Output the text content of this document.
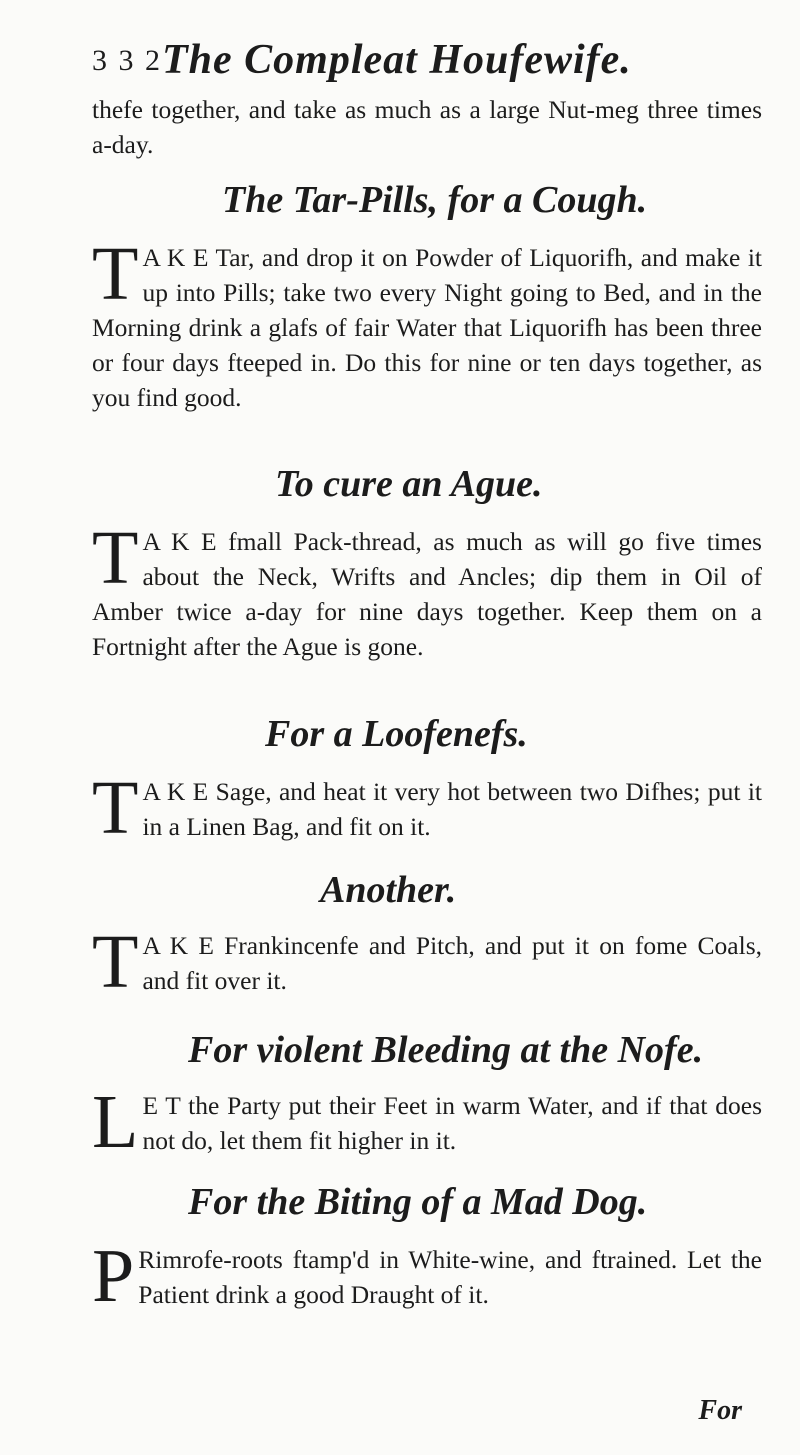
3 3 2 The Compleat Houfewife.
thefe together, and take as much as a large Nut-meg three times a-day.
The Tar-Pills, for a Cough.
T A K E Tar, and drop it on Powder of Liquorifh, and make it up into Pills; take two every Night going to Bed, and in the Morning drink a glafs of fair Water that Liquorifh has been three or four days fteeped in. Do this for nine or ten days together, as you find good.
To cure an Ague.
T A K E fmall Pack-thread, as much as will go five times about the Neck, Wrifts and Ancles; dip them in Oil of Amber twice a-day for nine days together. Keep them on a Fortnight after the Ague is gone.
For a Loofenefs.
T A K E Sage, and heat it very hot between two Difhes; put it in a Linen Bag, and fit on it.
Another.
T A K E Frankincenfe and Pitch, and put it on fome Coals, and fit over it.
For violent Bleeding at the Nofe.
L E T the Party put their Feet in warm Water, and if that does not do, let them fit higher in it.
For the Biting of a Mad Dog.
P Rimrofe-roots ftamp'd in White-wine, and ftrained. Let the Patient drink a good Draught of it.
For
